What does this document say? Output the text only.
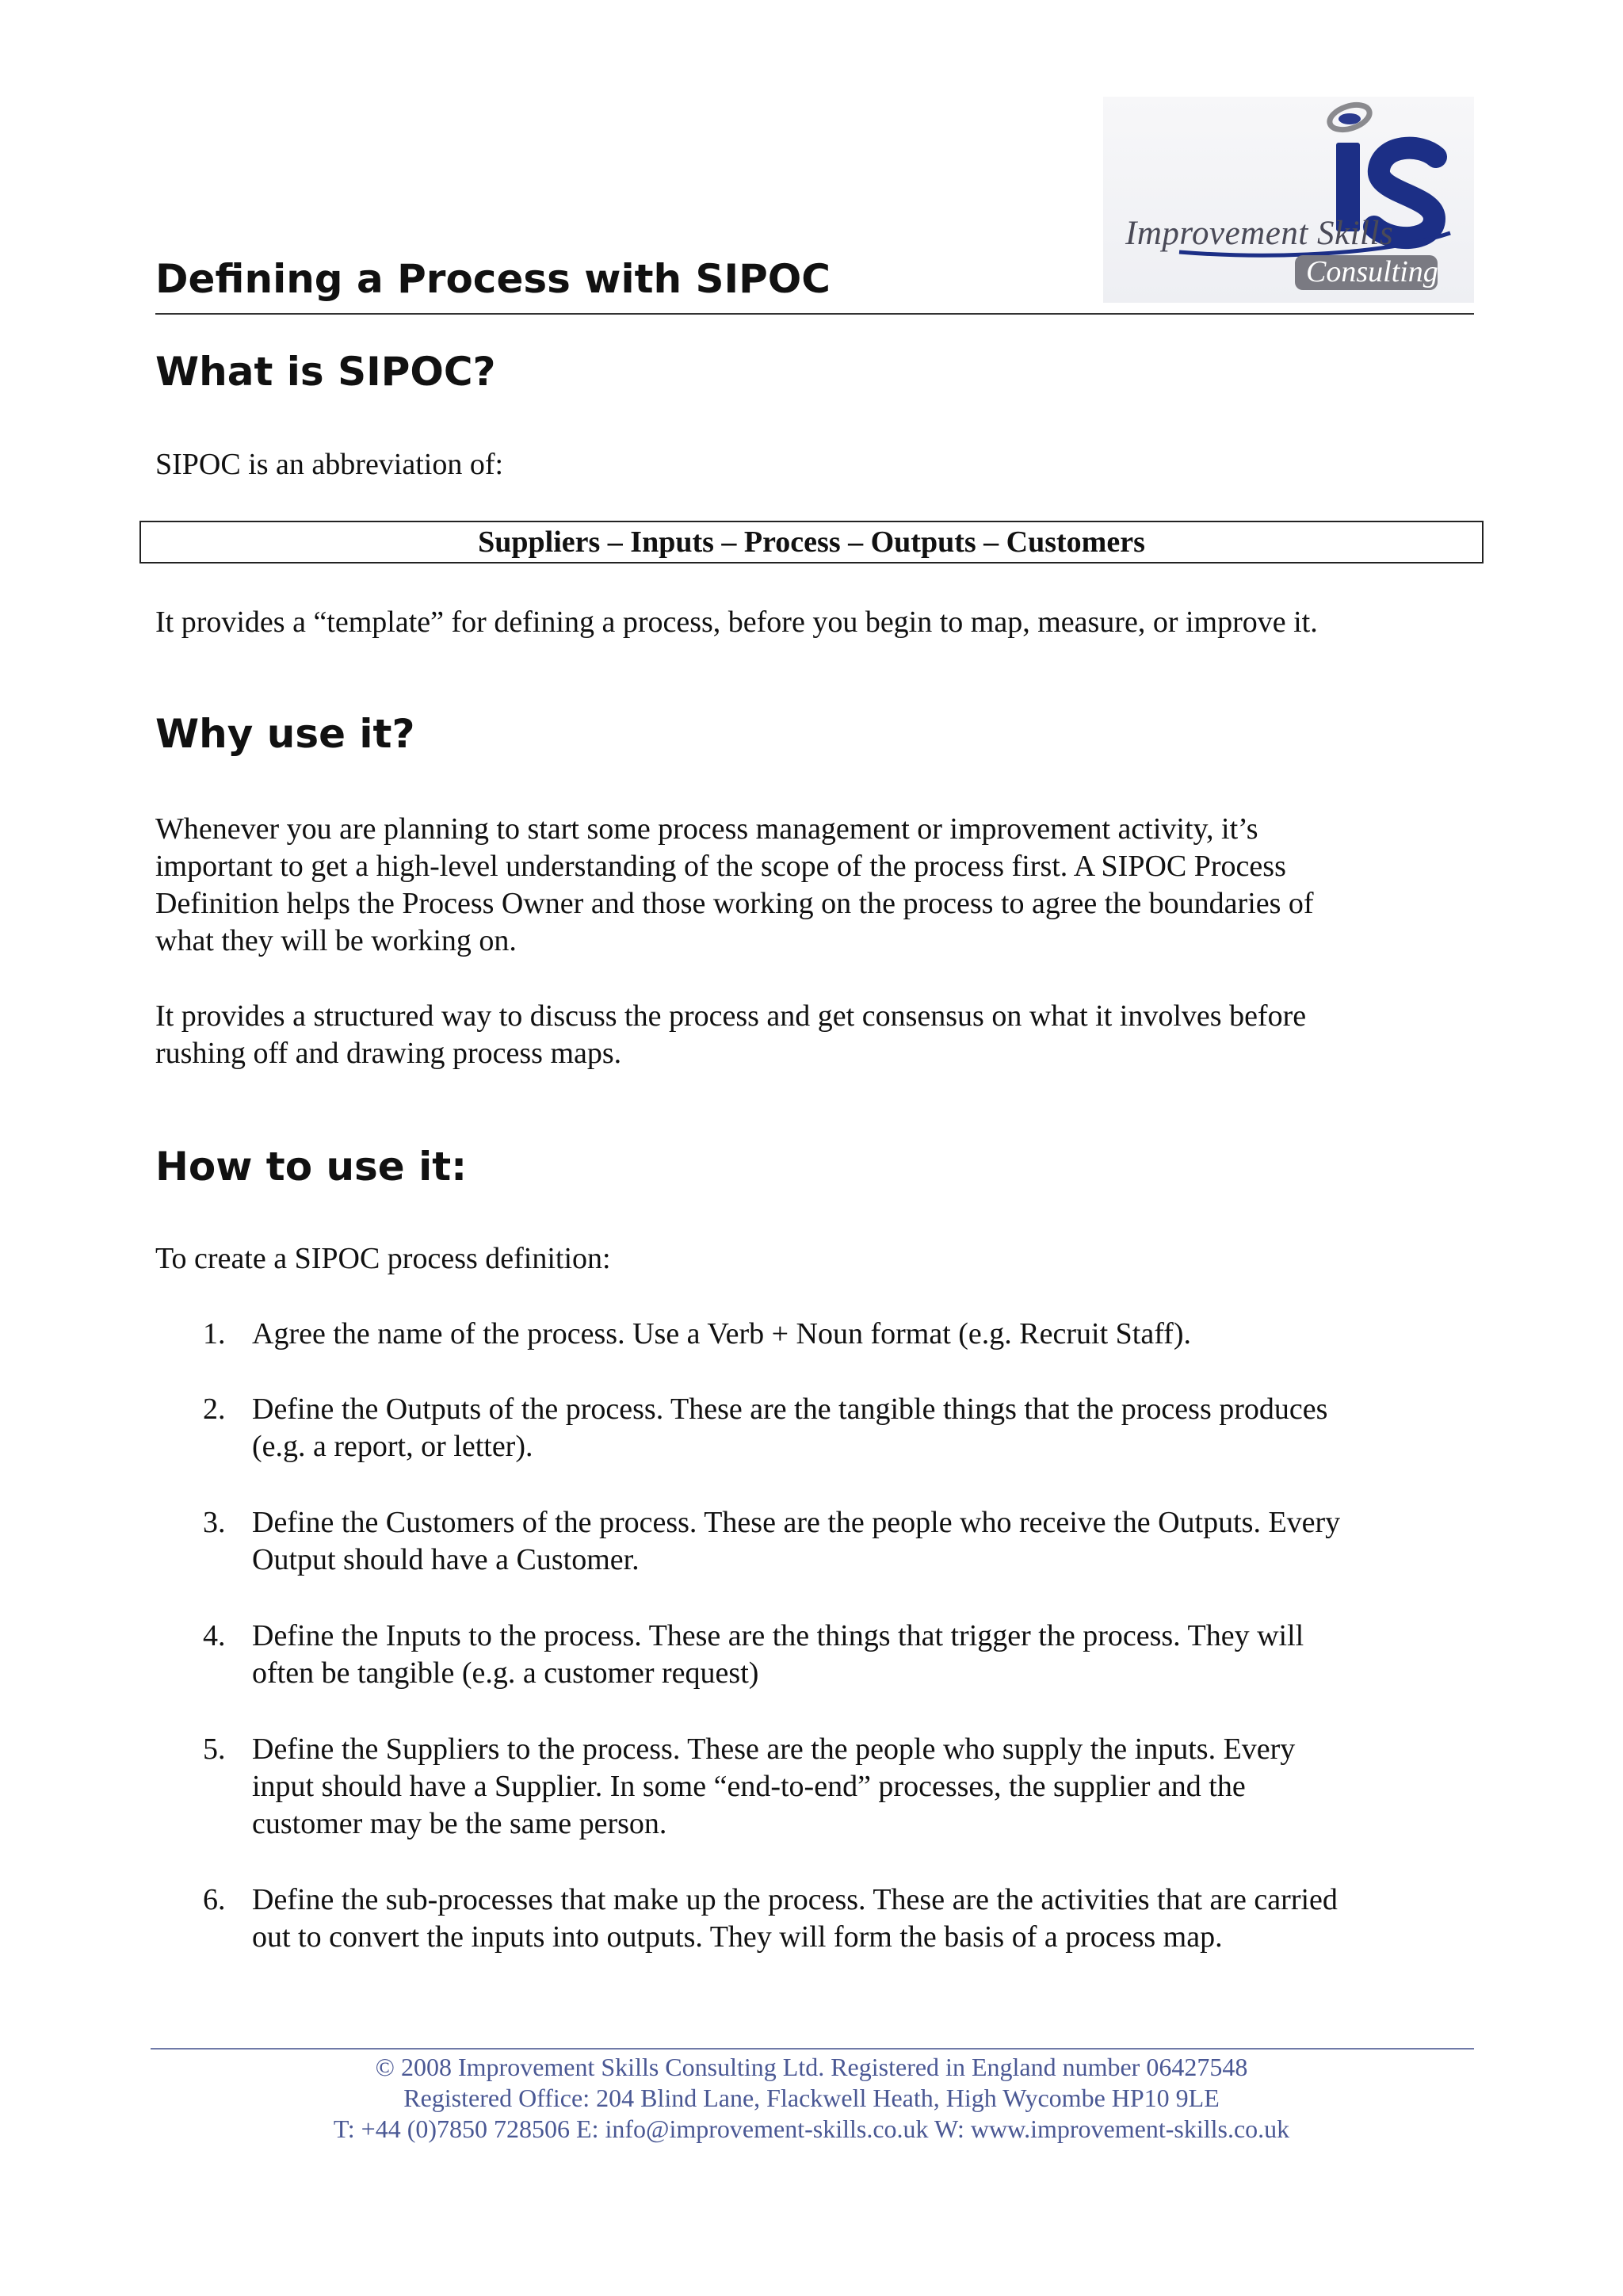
Improvement Skills
Consulting
Defining a Process with SIPOC
What is SIPOC?

SIPOC is an abbreviation of:

Suppliers – Inputs – Process – Outputs – Customers

It provides a “template” for defining a process, before you begin to map, measure, or improve it.

Why use it?
Whenever you are planning to start some process management or improvement activity, it’s
important to get a high-level understanding of the scope of the process first. A SIPOC Process
Definition helps the Process Owner and those working on the process to agree the boundaries of
what they will be working on.
It provides a structured way to discuss the process and get consensus on what it involves before
rushing off and drawing process maps.
How to use it:

To create a SIPOC process definition:

1. Agree the name of the process. Use a Verb + Noun format (e.g. Recruit Staff).
2. Define the Outputs of the process. These are the tangible things that the process produces
(e.g. a report, or letter).
3. Define the Customers of the process. These are the people who receive the Outputs. Every
Output should have a Customer.
4. Define the Inputs to the process. These are the things that trigger the process. They will
often be tangible (e.g. a customer request)
5. Define the Suppliers to the process. These are the people who supply the inputs. Every
input should have a Supplier. In some “end-to-end” processes, the supplier and the
customer may be the same person.
6. Define the sub-processes that make up the process. These are the activities that are carried
out to convert the inputs into outputs. They will form the basis of a process map.
© 2008 Improvement Skills Consulting Ltd. Registered in England number 06427548
Registered Office: 204 Blind Lane, Flackwell Heath, High Wycombe HP10 9LE
T: +44 (0)7850 728506 E: info@improvement-skills.co.uk W: www.improvement-skills.co.uk
